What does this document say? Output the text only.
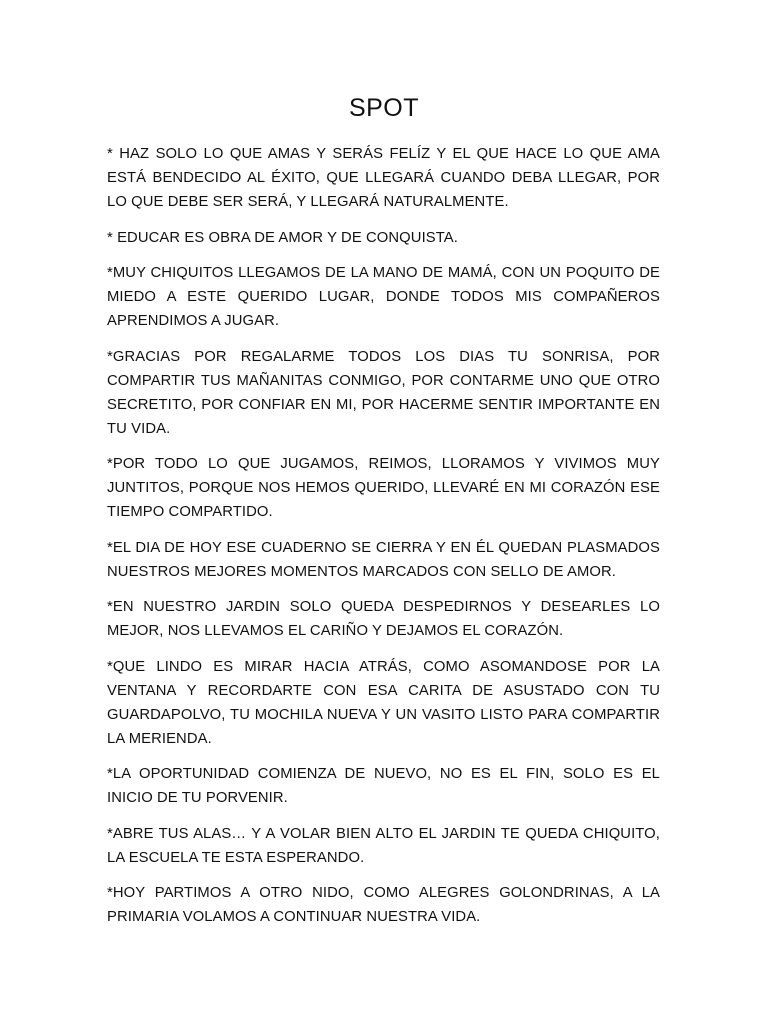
SPOT

* HAZ SOLO LO QUE AMAS Y SERÁS FELÍZ Y EL QUE HACE LO QUE AMA ESTÁ BENDECIDO AL ÉXITO, QUE LLEGARÁ CUANDO DEBA LLEGAR, POR LO QUE DEBE SER SERÁ, Y LLEGARÁ NATURALMENTE.

* EDUCAR ES OBRA DE AMOR Y DE CONQUISTA.

*MUY CHIQUITOS LLEGAMOS DE LA MANO DE MAMÁ, CON UN POQUITO DE MIEDO A ESTE QUERIDO LUGAR, DONDE TODOS MIS COMPAÑEROS APRENDIMOS A JUGAR.

*GRACIAS POR REGALARME TODOS LOS DIAS TU SONRISA, POR COMPARTIR TUS MAÑANITAS CONMIGO, POR CONTARME UNO QUE OTRO SECRETITO, POR CONFIAR EN MI, POR HACERME SENTIR IMPORTANTE EN TU VIDA.

*POR TODO LO QUE JUGAMOS, REIMOS, LLORAMOS Y VIVIMOS MUY JUNTITOS, PORQUE NOS HEMOS QUERIDO, LLEVARÉ EN MI CORAZÓN ESE TIEMPO COMPARTIDO.

*EL DIA DE HOY ESE CUADERNO SE CIERRA Y EN ÉL QUEDAN PLASMADOS NUESTROS MEJORES MOMENTOS MARCADOS CON SELLO DE AMOR.

*EN NUESTRO JARDIN SOLO QUEDA DESPEDIRNOS Y DESEARLES LO MEJOR, NOS LLEVAMOS EL CARIÑO Y DEJAMOS EL CORAZÓN.

*QUE LINDO ES MIRAR HACIA ATRÁS, COMO ASOMANDOSE POR LA VENTANA Y RECORDARTE CON ESA CARITA DE ASUSTADO CON TU GUARDAPOLVO, TU MOCHILA NUEVA Y UN VASITO LISTO PARA COMPARTIR LA MERIENDA.

*LA OPORTUNIDAD COMIENZA DE NUEVO, NO ES EL FIN, SOLO ES EL INICIO DE TU PORVENIR.

*ABRE TUS ALAS… Y A VOLAR BIEN ALTO EL JARDIN TE QUEDA CHIQUITO, LA ESCUELA TE ESTA ESPERANDO.

*HOY PARTIMOS A OTRO NIDO, COMO ALEGRES GOLONDRINAS, A LA PRIMARIA VOLAMOS A CONTINUAR NUESTRA VIDA.
